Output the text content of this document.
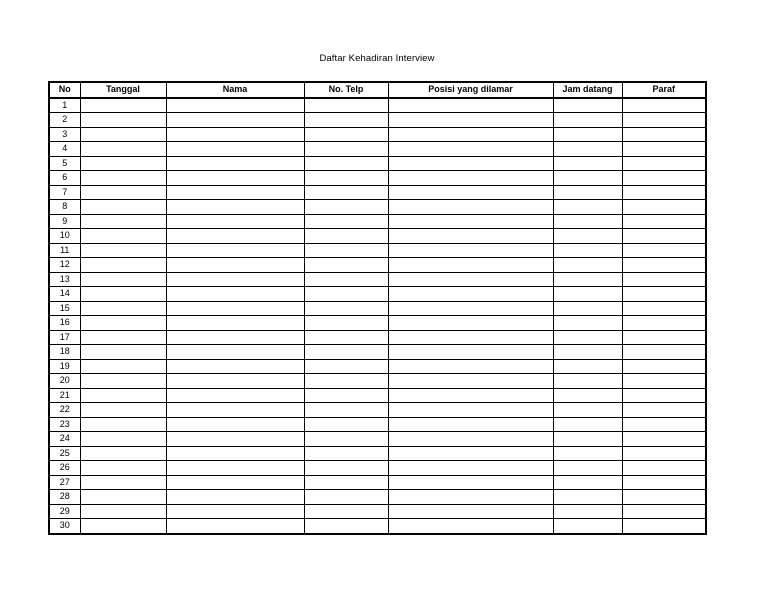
Daftar Kehadiran Interview
No	Tanggal	Nama	No. Telp	Posisi yang dilamar	Jam datang	Paraf
1						
2						
3						
4						
5						
6						
7						
8						
9						
10						
11						
12						
13						
14						
15						
16						
17						
18						
19						
20						
21						
22						
23						
24						
25						
26						
27						
28						
29						
30						
